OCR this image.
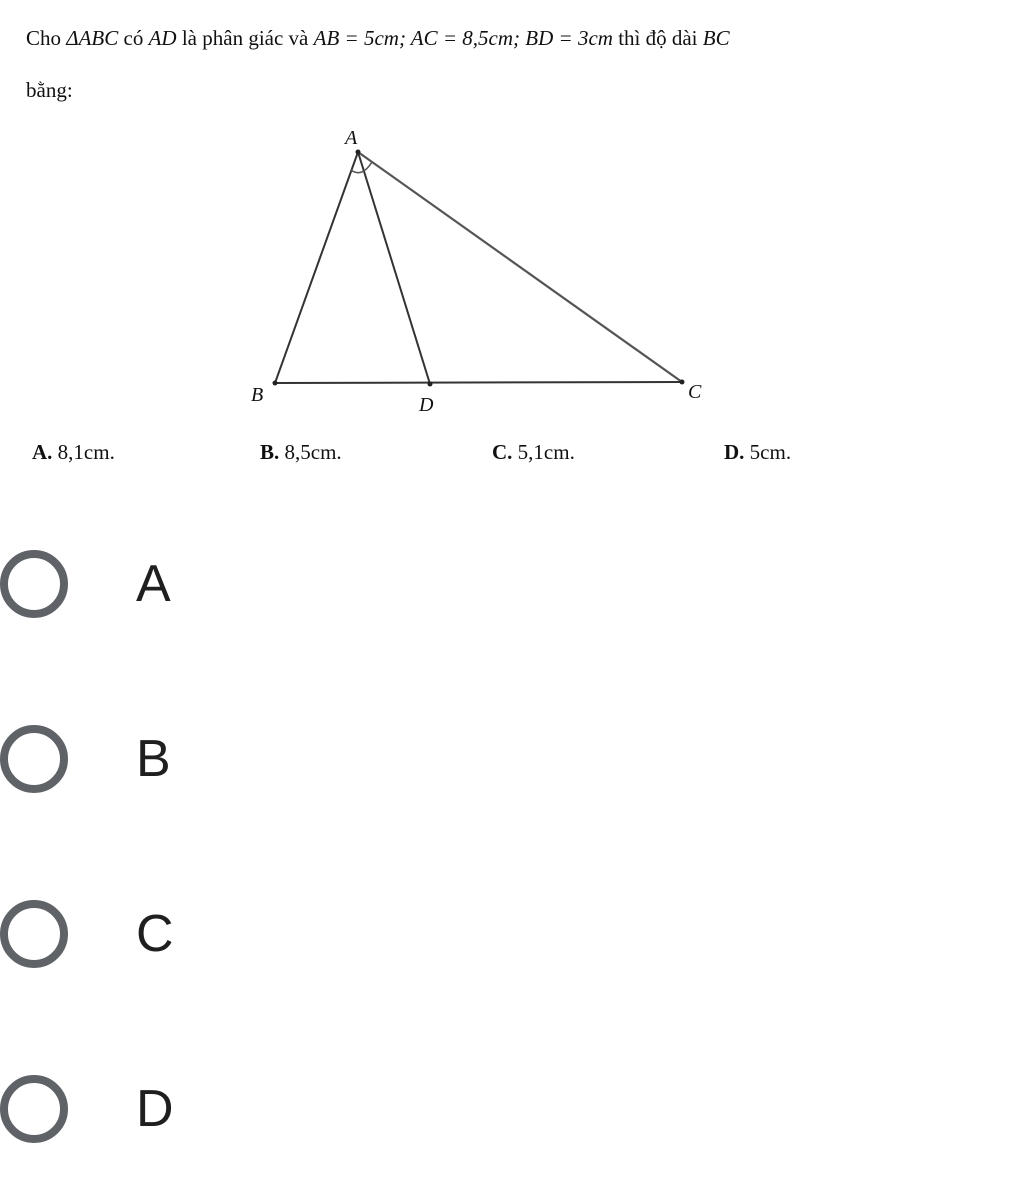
Cho ΔABC có AD là phân giác và AB = 5cm; AC = 8,5cm; BD = 3cm thì độ dài BC
bằng:
A
B	D
C
A. 8,1cm.	B. 8,5cm.	C. 5,1cm.	D. 5cm.
A
B
C
D
